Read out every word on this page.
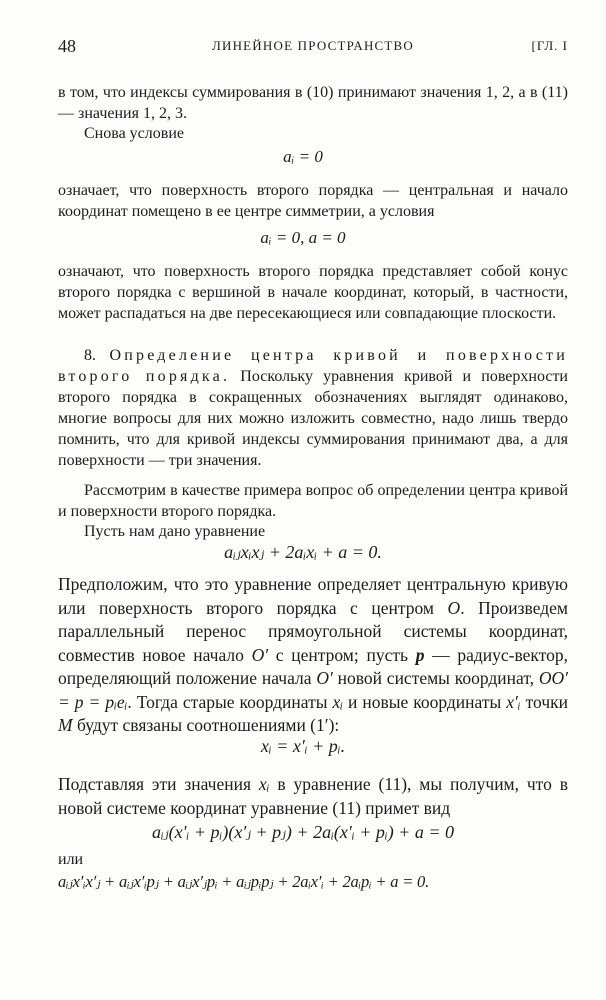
48	ЛИНЕЙНОЕ ПРОСТРАНСТВО	[ГЛ. I

в том, что индексы суммирования в (10) принимают значения 1, 2, а в (11) — значения 1, 2, 3.

Снова условие

aᵢ = 0

означает, что поверхность второго порядка — центральная и начало координат помещено в ее центре симметрии, а условия

aᵢ = 0, a = 0

означают, что поверхность второго порядка представляет собой конус второго порядка с вершиной в начале координат, который, в частности, может распадаться на две пересекающиеся или совпадающие плоскости.

8. Определение центра кривой и поверхности второго порядка. Поскольку уравнения кривой и поверхности второго порядка в сокращенных обозначениях выглядят одинаково, многие вопросы для них можно изложить совместно, надо лишь твердо помнить, что для кривой индексы суммирования принимают два, а для поверхности — три значения.

Рассмотрим в качестве примера вопрос об определении центра кривой и поверхности второго порядка.

Пусть нам дано уравнение

aᵢⱼxᵢxⱼ + 2aᵢxᵢ + a = 0.

Предположим, что это уравнение определяет центральную кривую или поверхность второго порядка с центром O. Произведем параллельный перенос прямоугольной системы координат, совместив новое начало O′ с центром; пусть p — радиус-вектор, определяющий положение начала O′ новой системы координат, OO′ = p = pᵢeᵢ. Тогда старые координаты xᵢ и новые координаты x′ᵢ точки M будут связаны соотношениями (1′):

xᵢ = x′ᵢ + pᵢ.

Подставляя эти значения xᵢ в уравнение (11), мы получим, что в новой системе координат уравнение (11) примет вид

aᵢⱼ(x′ᵢ + pᵢ)(x′ⱼ + pⱼ) + 2aᵢ(x′ᵢ + pᵢ) + a = 0

или

aᵢⱼx′ᵢx′ⱼ + aᵢⱼx′ᵢpⱼ + aᵢⱼx′ⱼpᵢ + aᵢⱼpᵢpⱼ + 2aᵢx′ᵢ + 2aᵢpᵢ + a = 0.
